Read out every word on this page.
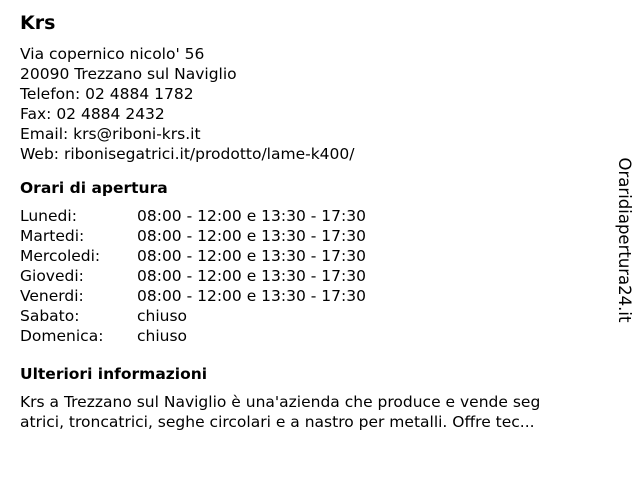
Krs
Via copernico nicolo' 56
20090 Trezzano sul Naviglio
Telefon: 02 4884 1782
Fax: 02 4884 2432
Email: krs@riboni-krs.it
Web: ribonisegatrici.it/prodotto/lame-k400/
Orari di apertura
Lunedi:	08:00 - 12:00 e 13:30 - 17:30
Martedi:	08:00 - 12:00 e 13:30 - 17:30
Mercoledi:	08:00 - 12:00 e 13:30 - 17:30
Giovedi:	08:00 - 12:00 e 13:30 - 17:30
Venerdi:	08:00 - 12:00 e 13:30 - 17:30
Sabato:	chiuso
Domenica:	chiuso
Ulteriori informazioni
Krs a Trezzano sul Naviglio è una'azienda che produce e vende seg
atrici, troncatrici, seghe circolari e a nastro per metalli. Offre tec...
Oraridiapertura24.it
